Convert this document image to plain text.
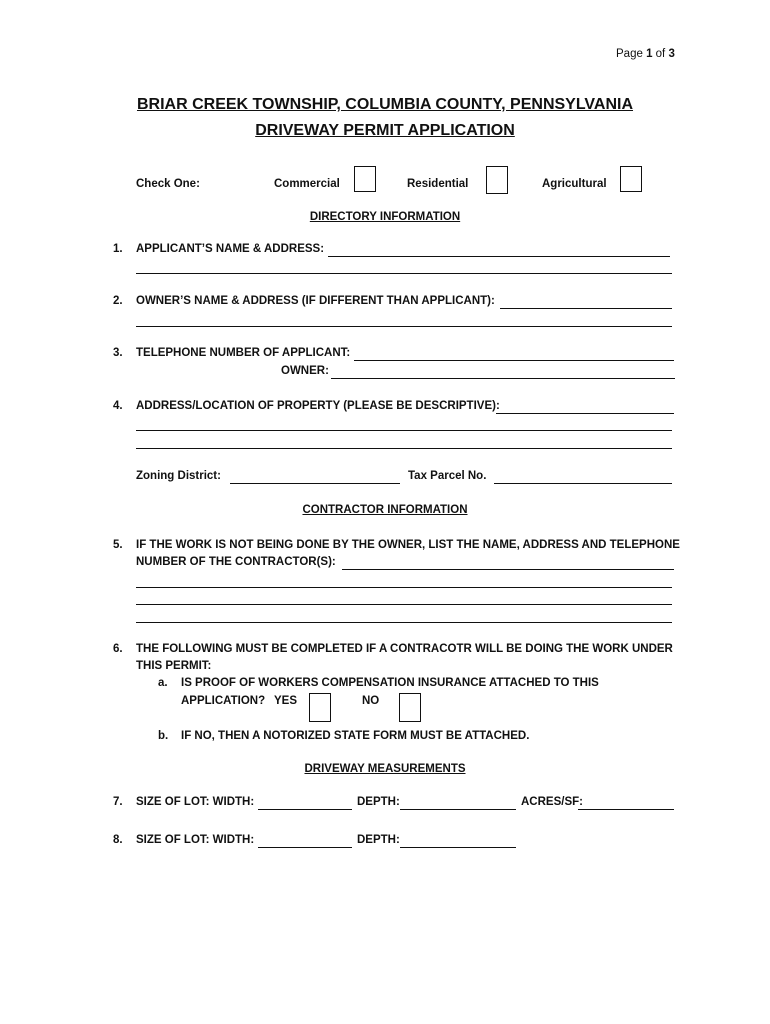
Page 1 of 3
BRIAR CREEK TOWNSHIP, COLUMBIA COUNTY, PENNSYLVANIA
DRIVEWAY PERMIT APPLICATION
Check One:	Commercial	Residential	Agricultural
DIRECTORY INFORMATION
1. APPLICANT’S NAME & ADDRESS:
2. OWNER’S NAME & ADDRESS (IF DIFFERENT THAN APPLICANT):
3. TELEPHONE NUMBER OF APPLICANT:
OWNER:
4. ADDRESS/LOCATION OF PROPERTY (PLEASE BE DESCRIPTIVE):
Zoning District:	Tax Parcel No.
CONTRACTOR INFORMATION
5. IF THE WORK IS NOT BEING DONE BY THE OWNER, LIST THE NAME, ADDRESS AND TELEPHONE
NUMBER OF THE CONTRACTOR(S):
6. THE FOLLOWING MUST BE COMPLETED IF A CONTRACOTR WILL BE DOING THE WORK UNDER
THIS PERMIT:
a. IS PROOF OF WORKERS COMPENSATION INSURANCE ATTACHED TO THIS
APPLICATION? YES	NO
b. IF NO, THEN A NOTORIZED STATE FORM MUST BE ATTACHED.
DRIVEWAY MEASUREMENTS
7. SIZE OF LOT: WIDTH:	DEPTH:	ACRES/SF:
8. SIZE OF LOT: WIDTH:	DEPTH:
